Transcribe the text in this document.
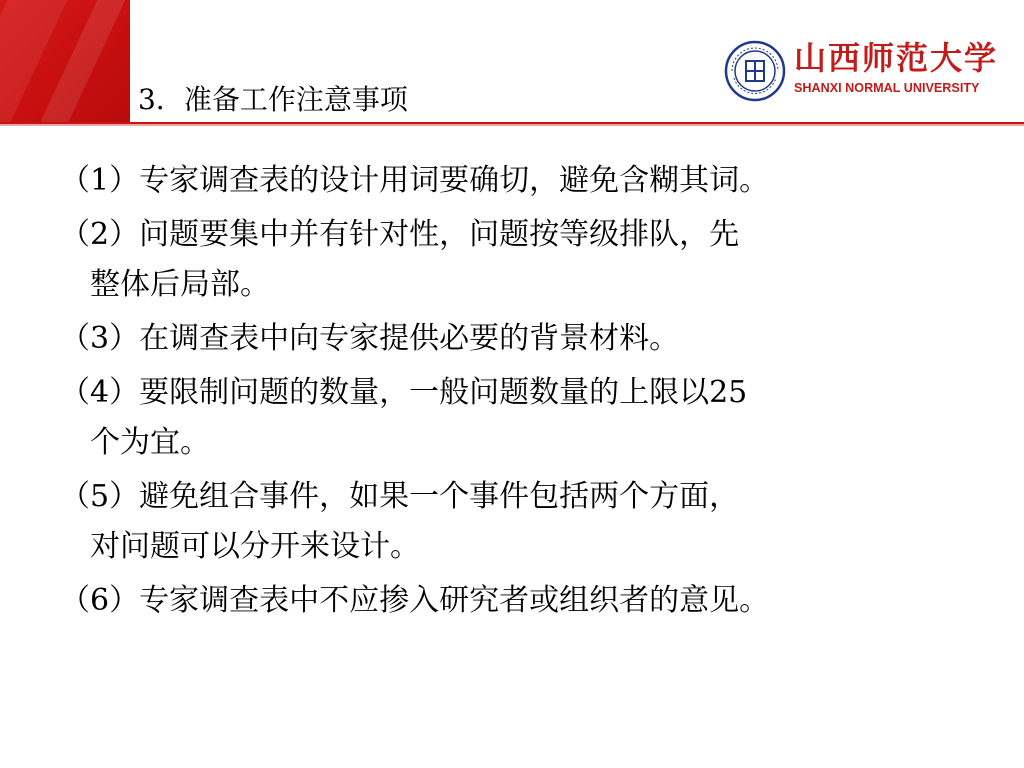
3．准备工作注意事项
山西师范大学
SHANXI NORMAL UNIVERSITY
（1）专家调查表的设计用词要确切，避免含糊其词。
（2）问题要集中并有针对性，问题按等级排队，先
整体后局部。
（3）在调查表中向专家提供必要的背景材料。
（4）要限制问题的数量，一般问题数量的上限以25
个为宜。
（5）避免组合事件，如果一个事件包括两个方面，
对问题可以分开来设计。
（6）专家调查表中不应掺入研究者或组织者的意见。
